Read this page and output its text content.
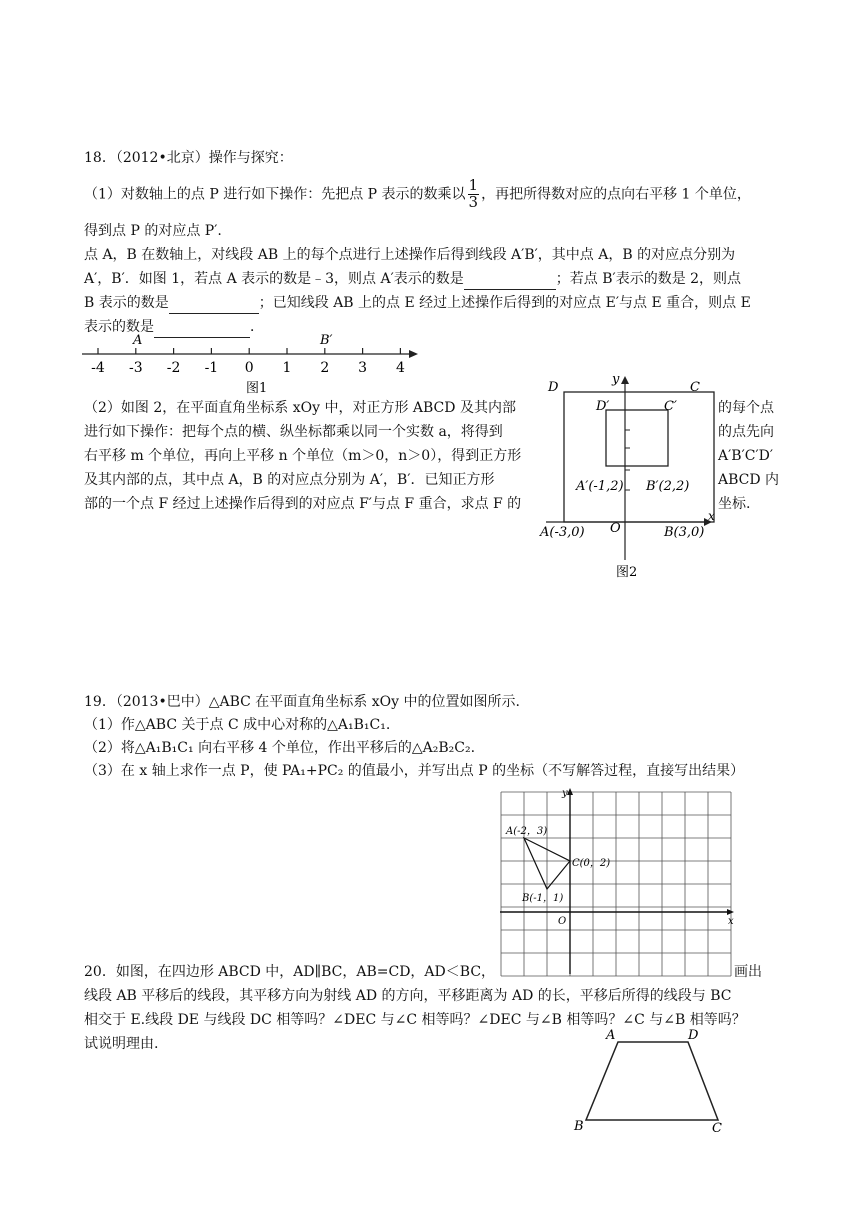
18．（2012•北京）操作与探究：
（1）对数轴上的点 P 进行如下操作：先把点 P 表示的数乘以 $\frac{1}{3}$ ，再把所得数对应的点向右平移 1 个单位，
得到点 P 的对应点 P′.
点 A，B 在数轴上，对线段 AB 上的每个点进行上述操作后得到线段 A′B′，其中点 A，B 的对应点分别为
A′，B′．如图 1，若点 A 表示的数是﹣3，则点 A′表示的数是	；若点 B′表示的数是 2，则点
B 表示的数是	；已知线段 AB 上的点 E 经过上述操作后得到的对应点 E′与点 E 重合，则点 E
表示的数是	．
-4 -3 -2 -1 0 1 2 3 4
A	B′
图1
（2）如图 2，在平面直角坐标系 xOy 中，对正方形 ABCD 及其内部
进行如下操作：把每个点的横、纵坐标都乘以同一个实数 a，将得到
右平移 m 个单位，再向上平移 n 个单位（m＞0，n＞0），得到正方形
及其内部的点，其中点 A，B 的对应点分别为 A′，B′．已知正方形
部的一个点 F 经过上述操作后得到的对应点 F′与点 F 重合，求点 F 的
的每个点
的点先向
A′B′C′D′
ABCD 内
坐标.
D	C
y
D′	C′
A′(-1,2) B′(2,2)
A(-3,0) O	B(3,0)
x
图2
19．（2013•巴中）△ABC 在平面直角坐标系 xOy 中的位置如图所示.
（1）作△ABC 关于点 C 成中心对称的△A₁B₁C₁.
（2）将△A₁B₁C₁ 向右平移 4 个单位，作出平移后的△A₂B₂C₂.
（3）在 x 轴上求作一点 P，使 PA₁+PC₂ 的值最小，并写出点 P 的坐标（不写解答过程，直接写出结果）
y
x
O
A(-2，3)
C(0，2)
B(-1，1)
20．如图，在四边形 ABCD 中，AD∥BC，AB=CD，AD＜BC，	画出
线段 AB 平移后的线段，其平移方向为射线 AD 的方向，平移距离为 AD 的长，平移后所得的线段与 BC
相交于 E.线段 DE 与线段 DC 相等吗？∠DEC 与∠C 相等吗？∠DEC 与∠B 相等吗？∠C 与∠B 相等吗？
试说明理由.
A	D
B	C
